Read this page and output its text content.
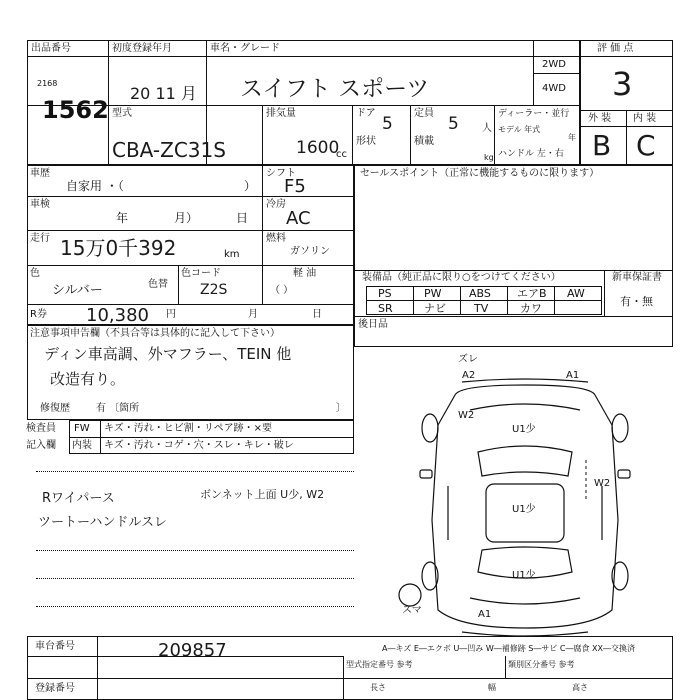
出品番号
2168
1562
初度登録年月
20 11 月
車名・グレード
スイフト スポーツ
2WD
4WD
ディーラー・並行
モデル 年式
年
ハンドル 左・右
評 価 点
3
外 装 内 装
B C
型式
CBA-ZC31S
排気量
1600
cc
ドア
5
形状
定員
5 人
積載
kg
車歴
自家用 ・（	）
車検
年	月）	日
走行 15万0千392	km
色
シルバー	色替
色コード
Z2S
シフト
F5
冷房
AC
燃料
ガソリン
軽 油
（ ）
R券 10,380 円	月	日
セールスポイント（正常に機能するものに限ります）
装備品（純正品に限り○をつけてください）	新車保証書
有・無
後日品
PS	PW ABS エアB AW
SR	ナビ	TV	カワ
注意事項申告欄（不具合等は具体的に記入して下さい）
ディン車高調、外マフラー、TEIN 他
改造有り。
修復歴	有 〔箇所	〕
検査員
記入欄
FW キズ・汚れ・ヒビ割・リペア跡・×要
内装 キズ・汚れ・コゲ・穴・スレ・キレ・破レ
Rワイパース
ツートーハンドルスレ
ボンネット上面 U少, W2
ズレ
A2	A1
W2
U1少
W2
U1少
U1少
スマ	A1
車台番号	209857
登録番号
A―キズ E―エクボ U―凹み W―補修跡 S―サビ C―腐食 XX―交換済
型式指定番号 参考	類別区分番号 参考
長さ	幅	高さ
